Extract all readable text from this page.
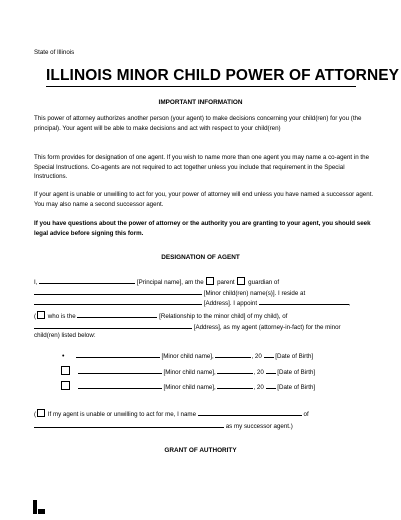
State of Illinois
ILLINOIS MINOR CHILD POWER OF ATTORNEY
IMPORTANT INFORMATION
This power of attorney authorizes another person (your agent) to make decisions concerning your child(ren) for you (the principal). Your agent will be able to make decisions and act with respect to your child(ren)
This form provides for designation of one agent. If you wish to name more than one agent you may name a co-agent in the Special Instructions. Co-agents are not required to act together unless you include that requirement in the Special Instructions.
If your agent is unable or unwilling to act for you, your power of attorney will end unless you have named a successor agent. You may also name a second successor agent.
If you have questions about the power of attorney or the authority you are granting to your agent, you should seek legal advice before signing this form.
DESIGNATION OF AGENT
I,	[Principal name], am the parent guardian of
[Minor child(ren) name(s)]. I reside at
[Address]. I appoint	,
( who is the	[Relationship to the minor child] of my child), of
[Address], as my agent (attorney-in-fact) for the minor
child(ren) listed below:
•	[Minor child name],	, 20 [Date of Birth]
[Minor child name],	, 20 [Date of Birth]
[Minor child name],	, 20 [Date of Birth]
( If my agent is unable or unwilling to act for me, I name	of
as my successor agent.)
GRANT OF AUTHORITY
